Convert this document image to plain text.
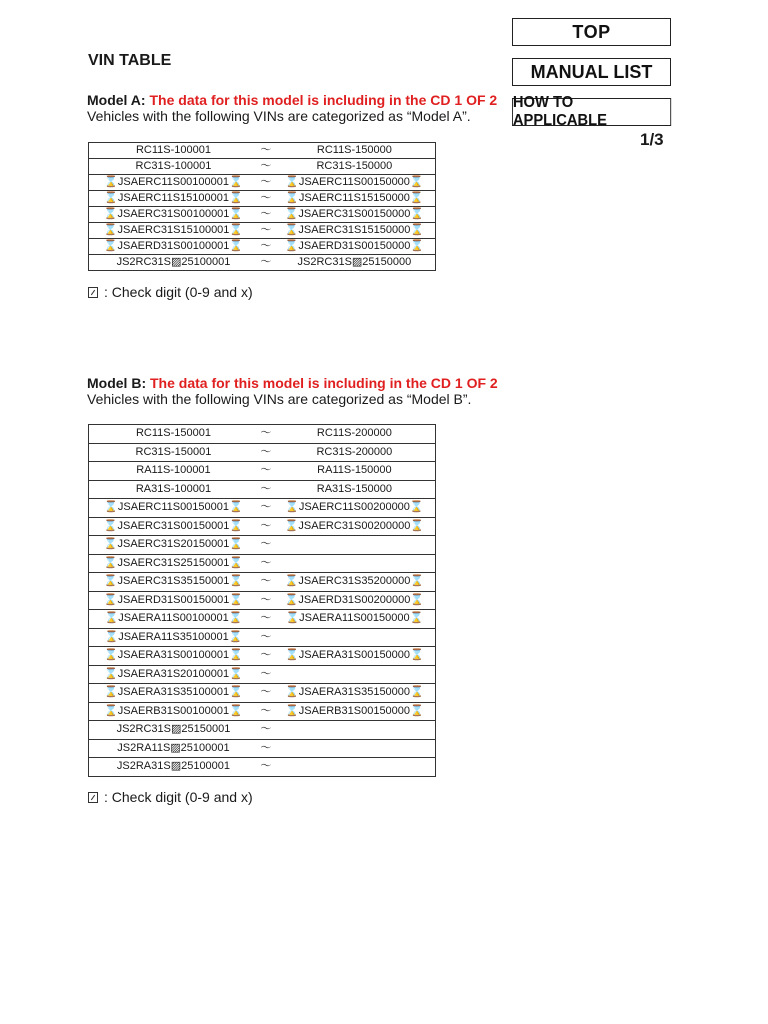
TOP
MANUAL LIST
HOW TO APPLICABLE
1/3
VIN TABLE
Model A: The data for this model is including in the CD 1 OF 2
Vehicles with the following VINs are categorized as “Model A”.
RC11S-100001	～	RC11S-150000
RC31S-100001	～	RC31S-150000
⌛JSAERC11S00100001⌛	～	⌛JSAERC11S00150000⌛
⌛JSAERC11S15100001⌛	～	⌛JSAERC11S15150000⌛
⌛JSAERC31S00100001⌛	～	⌛JSAERC31S00150000⌛
⌛JSAERC31S15100001⌛	～	⌛JSAERC31S15150000⌛
⌛JSAERD31S00100001⌛	～	⌛JSAERD31S00150000⌛
JS2RC31S▨25100001	～	JS2RC31S▨25150000
: Check digit (0-9 and x)
Model B: The data for this model is including in the CD 1 OF 2
Vehicles with the following VINs are categorized as “Model B”.
RC11S-150001	～	RC11S-200000
RC31S-150001	～	RC31S-200000
RA11S-100001	～	RA11S-150000
RA31S-100001	～	RA31S-150000
⌛JSAERC11S00150001⌛	～	⌛JSAERC11S00200000⌛
⌛JSAERC31S00150001⌛	～	⌛JSAERC31S00200000⌛
⌛JSAERC31S20150001⌛	～	
⌛JSAERC31S25150001⌛	～	
⌛JSAERC31S35150001⌛	～	⌛JSAERC31S35200000⌛
⌛JSAERD31S00150001⌛	～	⌛JSAERD31S00200000⌛
⌛JSAERA11S00100001⌛	～	⌛JSAERA11S00150000⌛
⌛JSAERA11S35100001⌛	～	
⌛JSAERA31S00100001⌛	～	⌛JSAERA31S00150000⌛
⌛JSAERA31S20100001⌛	～	
⌛JSAERA31S35100001⌛	～	⌛JSAERA31S35150000⌛
⌛JSAERB31S00100001⌛	～	⌛JSAERB31S00150000⌛
JS2RC31S▨25150001	～	
JS2RA11S▨25100001	～	
JS2RA31S▨25100001	～	
: Check digit (0-9 and x)
